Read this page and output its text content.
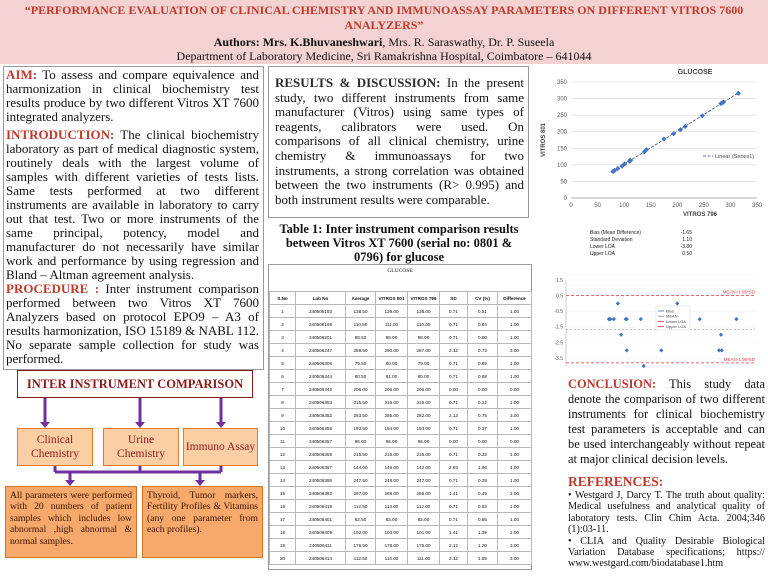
“PERFORMANCE EVALUATION OF CLINICAL CHEMISTRY AND IMMUNOASSAY PARAMETERS ON DIFFERENT VITROS 7600 ANALYZERS”
Authors: Mrs. K.Bhuvaneshwari, Mrs. R. Saraswathy, Dr. P. Suseela
Department of Laboratory Medicine, Sri Ramakrishna Hospital, Coimbatore – 641044
AIM: To assess and compare equivalence and harmonization in clinical biochemistry test results produce by two different Vitros XT 7600 integrated analyzers.
INTRODUCTION: The clinical biochemistry laboratory as part of medical diagnostic system, routinely deals with the largest volume of samples with different varieties of tests lists. Same tests performed at two different instruments are available in laboratory to carry out that test. Two or more instruments of the same principal, potency, model and manufacturer do not necessarily have similar work and performance by using regression and Bland – Altman agreement analysis.
PROCEDURE : Inter instrument comparison performed between two Vitros XT 7600 Analyzers based on protocol EPO9 – A3 of results harmonization, ISO 15189 & NABL 112. No separate sample collection for study was performed.
INTER INSTRUMENT COMPARISON
Clinical Chemistry
Urine Chemistry
Immuno Assay
All parameters were performed with 20 numbers of patient samples which includes low abnormal ,high abnormal & normal samples.
Thyroid, Tumor markers, Fertility Profiles & Vitamins (any one parameter from each profiles).
RESULTS & DISCUSSION: In the present study, two different instruments from same manufacturer (Vitros) using same types of reagents, calibrators were used. On comparisons of all clinical chemistry, urine chemistry & immunoassays for two instruments, a strong correlation was obtained between the two instruments (R> 0.995) and both instrument results were comparable.
Table 1: Inter instrument comparison results between Vitros XT 7600 (serial no: 0801 & 0796) for glucose
GLUCOSE
S.No	Lab No	Average	VITROS 801	VITROS 796	SD	CV (%)	Difference
1	240506193	138.50	139.00	138.00	0.71	0.51	1.00
2	240506198	110.50	111.00	110.00	0.71	0.64	1.00
3	240506201	88.50	89.00	88.00	0.71	0.80	1.00
4	240506247	288.50	290.00	287.00	2.12	0.73	3.00
5	240506306	79.50	80.00	79.00	0.71	0.89	1.00
6	240506344	80.50	81.00	80.00	0.71	0.88	1.00
7	240506346	206.00	206.00	206.00	0.00	0.00	0.00
8	240506353	315.50	316.00	315.00	0.71	0.22	1.00
9	240506352	283.50	285.00	282.00	2.12	0.75	3.00
10	240506356	193.50	194.00	193.00	0.71	0.37	1.00
11	240506357	96.00	96.00	96.00	0.00	0.00	0.00
12	240506359	215.50	216.00	215.00	0.71	0.33	1.00
13	240506367	144.00	146.00	142.00	2.83	1.96	4.00
14	240506386	247.50	248.00	247.00	0.71	0.29	1.00
15	240506392	287.00	288.00	286.00	1.41	0.49	2.00
16	240506418	112.50	113.00	112.00	0.71	0.63	1.00
17	240506401	82.50	83.00	82.00	0.71	0.86	1.00
18	240506409	102.00	103.00	101.00	1.41	1.39	2.00
19	240506411	176.50	178.00	175.00	2.12	1.20	3.00
20	240506414	112.50	114.00	111.00	2.12	1.89	3.00
GLUCOSE
0
50
100
150
200
250
300
350
0	50	100	150	200	250	300	350
VITROS 801
VITROS 796
Linear (Series1)
Bias (Mean Difference)	-1.65
Standard Deviation	1.10
Lower LOA	-3.80
Upper LOA	0.50
1.5
0.5
-0.5
-1.5
-2.5
-3.5
MEAN+1.96*SD
MEAN-1.96*SD
Bias
MEAN
Lower LOA
Upper LOA
CONCLUSION: This study data denote the comparison of two different instruments for clinical biochemistry test parameters is acceptable and can be used interchangeably without repeat at major clinical decision levels.
REFERENCES:
• Westgard J, Darcy T. The truth about quality: Medical usefulness and analytical quality of laboratory tests. Clin Chim Acta. 2004;346 (1):03-11.
• CLIA and Quality Desirable Biological Variation Database specifications; https:// www.westgard.com/biodatabase1.htm
